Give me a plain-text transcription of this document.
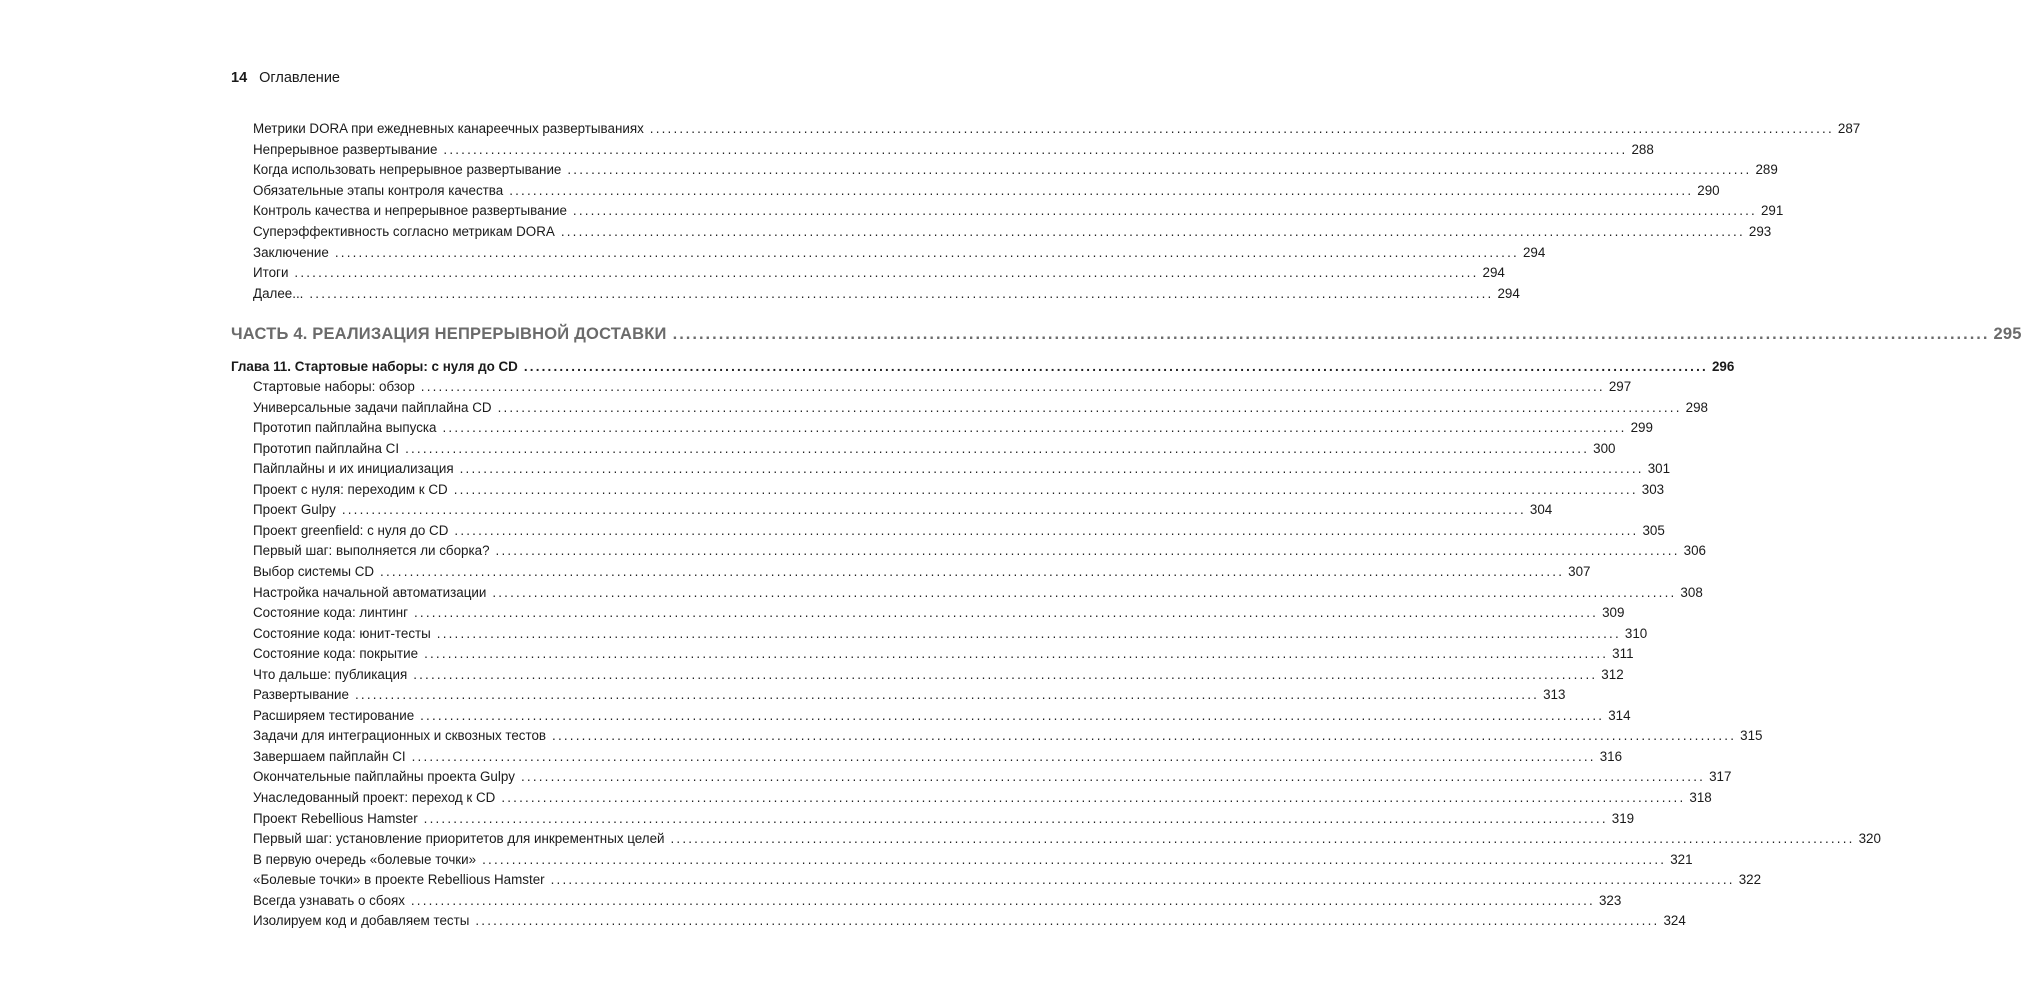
14 Оглавление
Метрики DORA при ежедневных канареечных развертываниях ........................................................................................................................................................................................................ 287
Непрерывное развертывание ........................................................................................................................................................................................................ 288
Когда использовать непрерывное развертывание ........................................................................................................................................................................................................ 289
Обязательные этапы контроля качества ........................................................................................................................................................................................................ 290
Контроль качества и непрерывное развертывание ........................................................................................................................................................................................................ 291
Суперэффективность согласно метрикам DORA ........................................................................................................................................................................................................ 293
Заключение ........................................................................................................................................................................................................ 294
Итоги ........................................................................................................................................................................................................ 294
Далее... ........................................................................................................................................................................................................ 294
ЧАСТЬ 4. РЕАЛИЗАЦИЯ НЕПРЕРЫВНОЙ ДОСТАВКИ ........................................................................................................................................................................................................ 295
Глава 11. Стартовые наборы: с нуля до CD ........................................................................................................................................................................................................ 296
Стартовые наборы: обзор ........................................................................................................................................................................................................ 297
Универсальные задачи пайплайна CD ........................................................................................................................................................................................................ 298
Прототип пайплайна выпуска ........................................................................................................................................................................................................ 299
Прототип пайплайна CI ........................................................................................................................................................................................................ 300
Пайплайны и их инициализация ........................................................................................................................................................................................................ 301
Проект с нуля: переходим к CD ........................................................................................................................................................................................................ 303
Проект Gulpy ........................................................................................................................................................................................................ 304
Проект greenfield: с нуля до CD ........................................................................................................................................................................................................ 305
Первый шаг: выполняется ли сборка? ........................................................................................................................................................................................................ 306
Выбор системы CD ........................................................................................................................................................................................................ 307
Настройка начальной автоматизации ........................................................................................................................................................................................................ 308
Состояние кода: линтинг ........................................................................................................................................................................................................ 309
Состояние кода: юнит-тесты ........................................................................................................................................................................................................ 310
Состояние кода: покрытие ........................................................................................................................................................................................................ 311
Что дальше: публикация ........................................................................................................................................................................................................ 312
Развертывание ........................................................................................................................................................................................................ 313
Расширяем тестирование ........................................................................................................................................................................................................ 314
Задачи для интеграционных и сквозных тестов ........................................................................................................................................................................................................ 315
Завершаем пайплайн CI ........................................................................................................................................................................................................ 316
Окончательные пайплайны проекта Gulpy ........................................................................................................................................................................................................ 317
Унаследованный проект: переход к CD ........................................................................................................................................................................................................ 318
Проект Rebellious Hamster ........................................................................................................................................................................................................ 319
Первый шаг: установление приоритетов для инкрементных целей ........................................................................................................................................................................................................ 320
В первую очередь «болевые точки» ........................................................................................................................................................................................................ 321
«Болевые точки» в проекте Rebellious Hamster ........................................................................................................................................................................................................ 322
Всегда узнавать о сбоях ........................................................................................................................................................................................................ 323
Изолируем код и добавляем тесты ........................................................................................................................................................................................................ 324
